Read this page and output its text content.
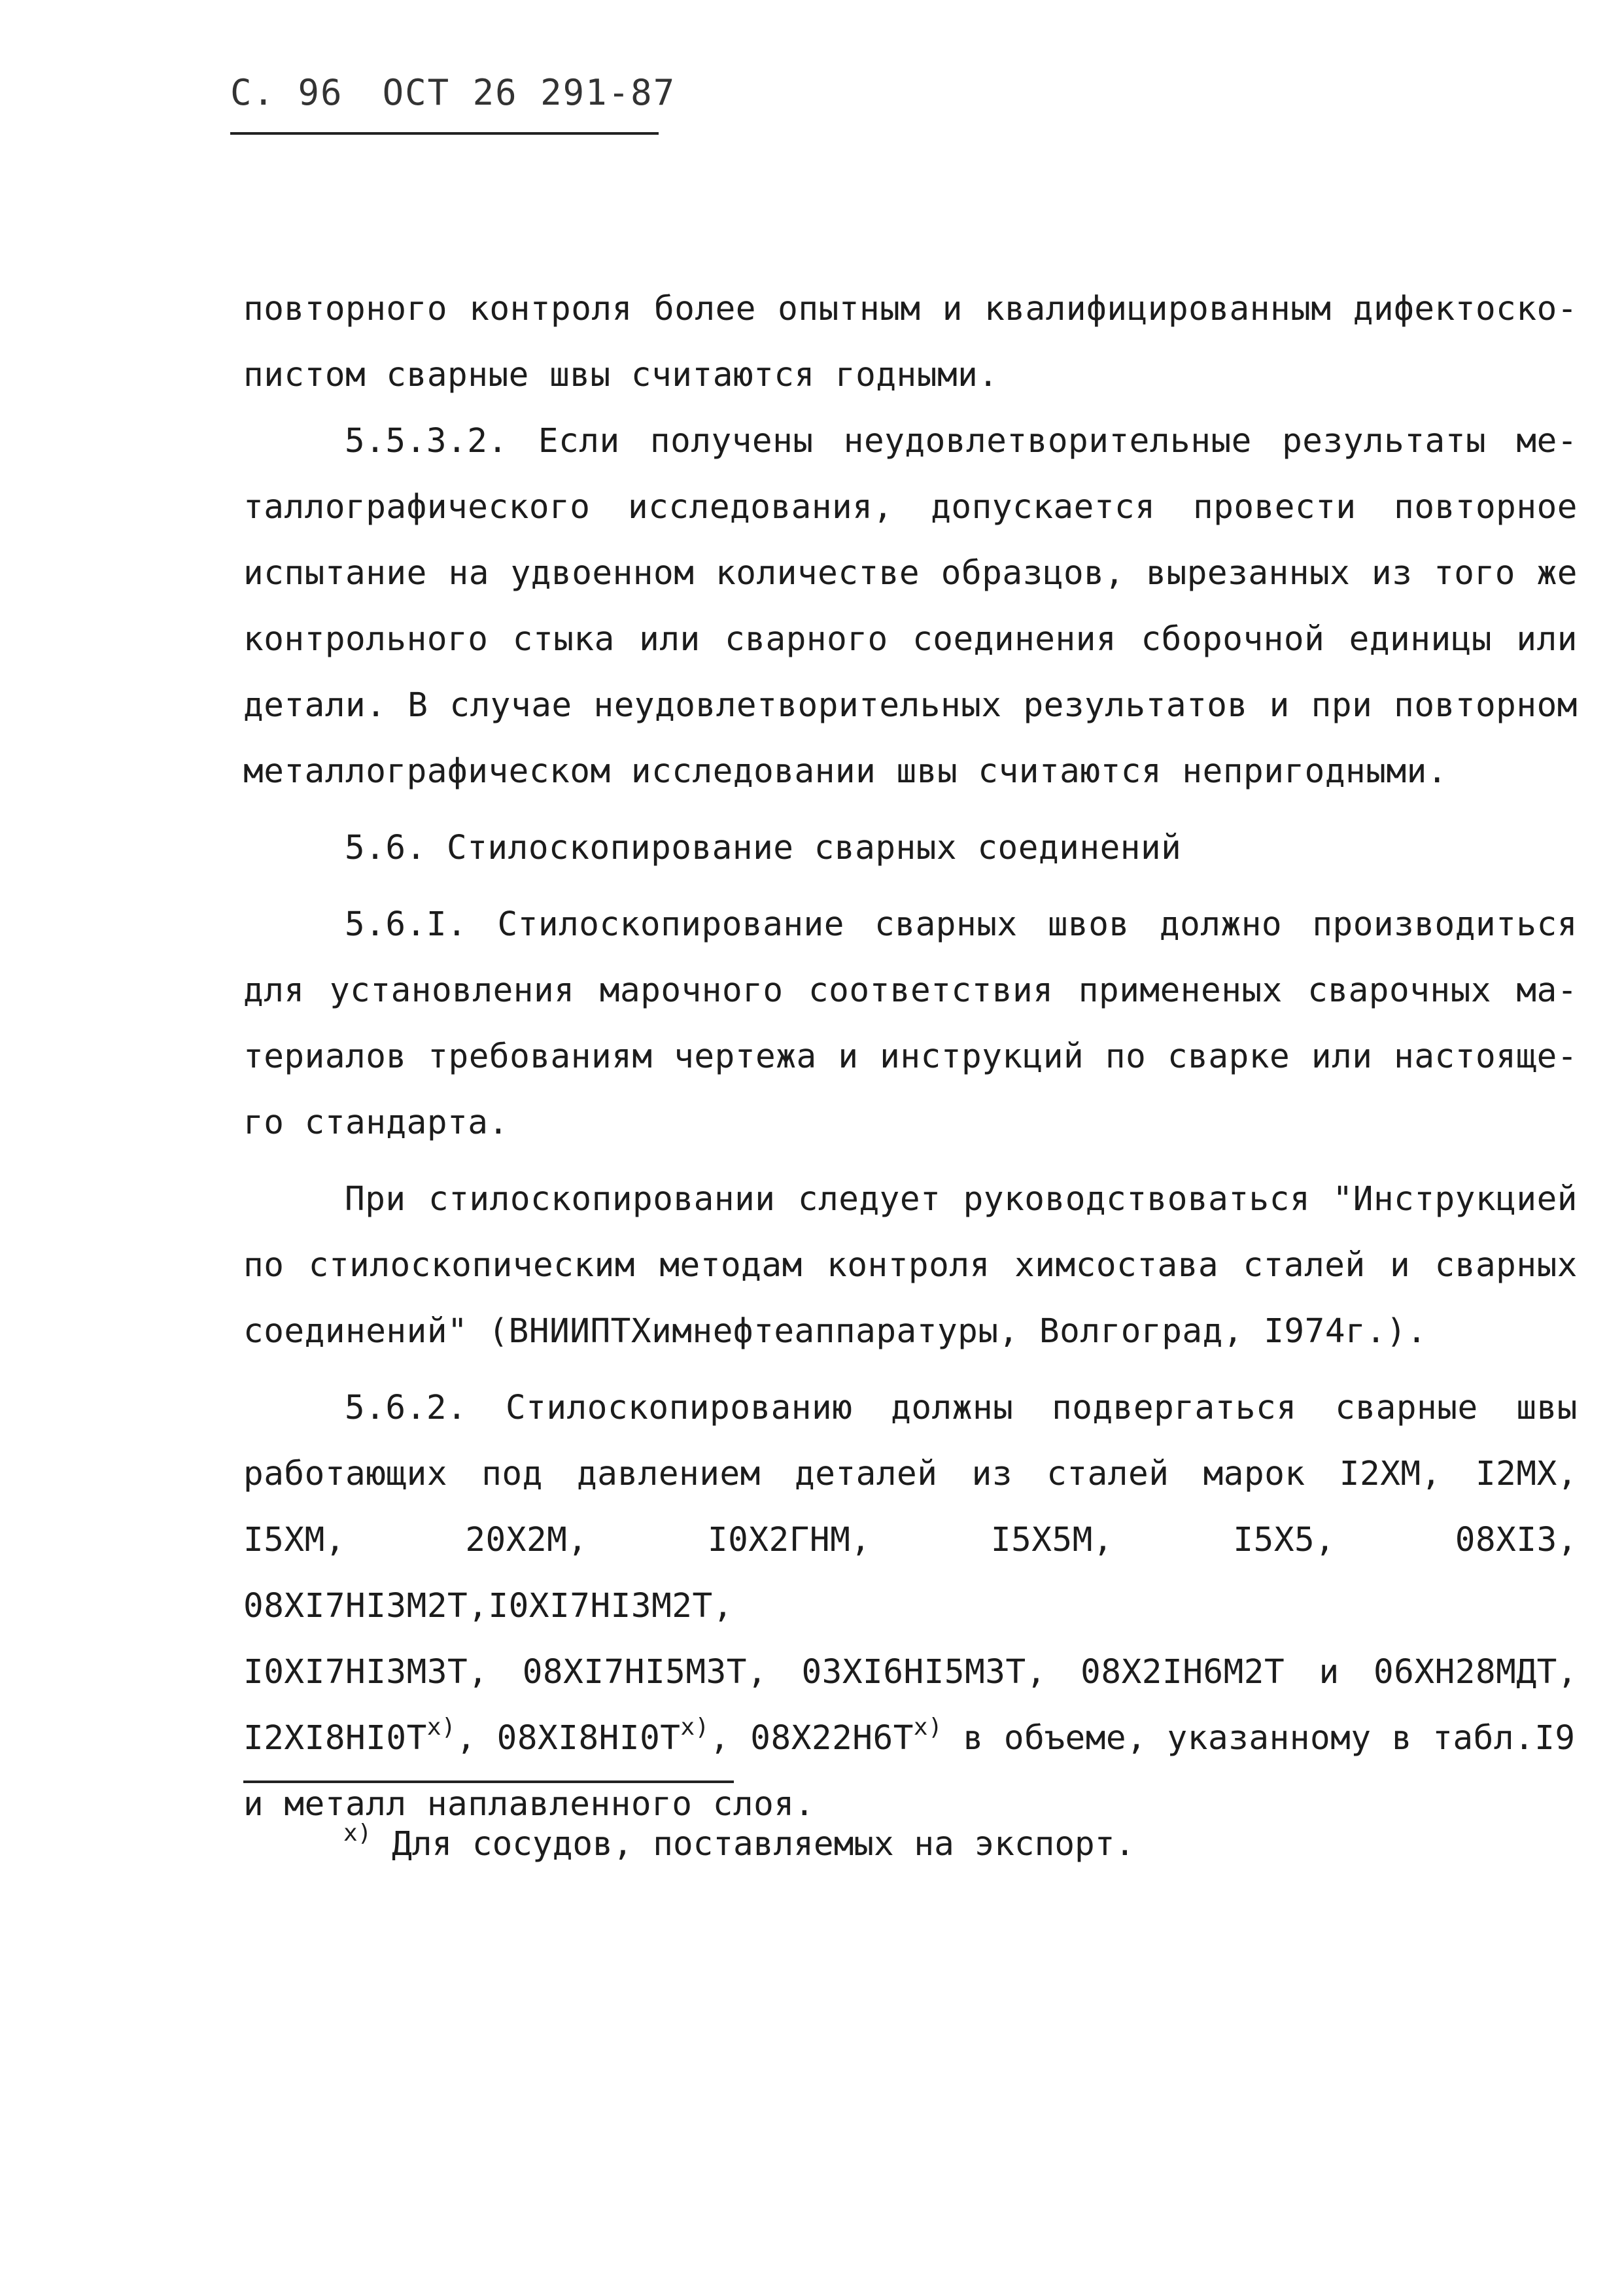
С. 96 ОСТ 26 291-87
повторного контроля более опытным и квалифицированным дифектоско-
пистом сварные швы считаются годными.
5.5.3.2. Если получены неудовлетворительные результаты ме-
таллографического исследования, допускается провести повторное
испытание на удвоенном количестве образцов, вырезанных из того же
контрольного стыка или сварного соединения сборочной единицы или
детали. В случае неудовлетворительных результатов и при повторном
металлографическом исследовании швы считаются непригодными.
5.6. Стилоскопирование сварных соединений
5.6.I. Стилоскопирование сварных швов должно производиться
для установления марочного соответствия примененых сварочных ма-
териалов требованиям чертежа и инструкций по сварке или настояще-
го стандарта.
При стилоскопировании следует руководствоваться "Инструкцией
по стилоскопическим методам контроля химсостава сталей и сварных
соединений" (ВНИИПТХимнефтеаппаратуры, Волгоград, I974г.).
5.6.2. Стилоскопированию должны подвергаться сварные швы
работающих под давлением деталей из сталей марок I2ХМ, I2МХ,
I5ХМ, 20Х2М, I0Х2ГНМ, I5Х5М, I5Х5, 08ХI3, 08ХI7НI3М2Т,I0ХI7НI3М2Т,
I0ХI7НI3М3Т, 08ХI7НI5М3Т, 03ХI6НI5М3Т, 08Х2IН6М2Т и 06ХН28МДТ,
$I2ХI8НI0Т^{х)}$, $08ХI8НI0Т^{х)}$, $08Х22Н6Т^{х)}$ в объеме, указанному в табл.I9
и металл наплавленного слоя.
$^{х)}$ Для сосудов, поставляемых на экспорт.
